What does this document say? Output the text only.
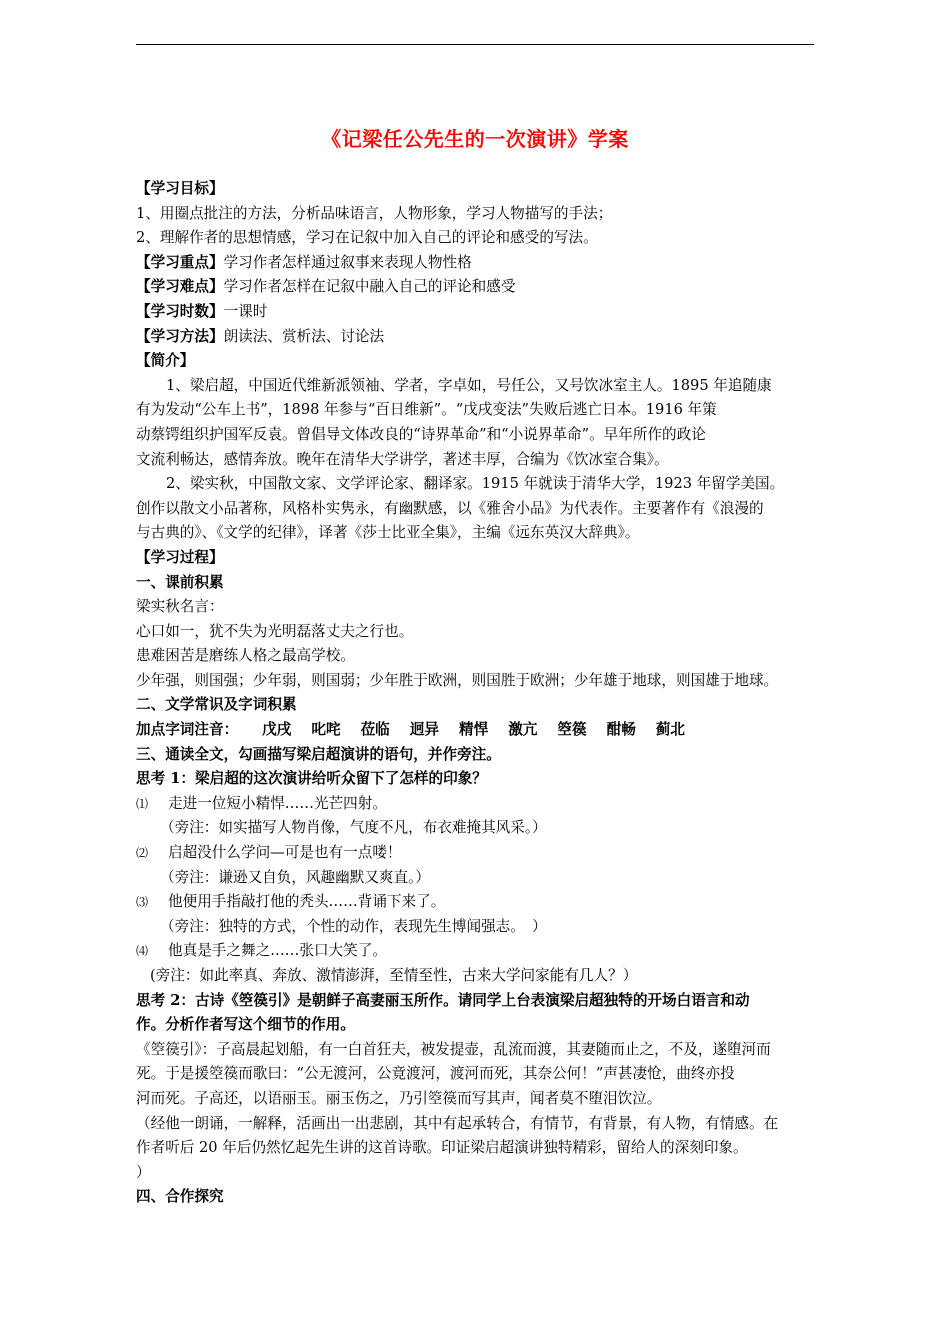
《记梁任公先生的一次演讲》学案

【学习目标】

1、用圈点批注的方法，分析品味语言，人物形象，学习人物描写的手法；

2、理解作者的思想情感，学习在记叙中加入自己的评论和感受的写法。

【学习重点】学习作者怎样通过叙事来表现人物性格

【学习难点】学习作者怎样在记叙中融入自己的评论和感受

【学习时数】一课时

【学习方法】朗读法、赏析法、讨论法

【简介】

1、梁启超，中国近代维新派领袖、学者，字卓如，号任公，又号饮冰室主人。1895 年追随康

有为发动“公车上书”，1898 年参与“百日维新”。“戊戌变法”失败后逃亡日本。1916 年策

动蔡锷组织护国军反袁。曾倡导文体改良的“诗界革命”和“小说界革命”。早年所作的政论

文流利畅达，感情奔放。晚年在清华大学讲学，著述丰厚，合编为《饮冰室合集》。

2、梁实秋，中国散文家、文学评论家、翻译家。1915 年就读于清华大学，1923 年留学美国。

创作以散文小品著称，风格朴实隽永，有幽默感，以《雅舍小品》为代表作。主要著作有《浪漫的

与古典的》、《文学的纪律》，译著《莎士比亚全集》，主编《远东英汉大辞典》。

【学习过程】

一、课前积累

梁实秋名言：

心口如一，犹不失为光明磊落丈夫之行也。

患难困苦是磨练人格之最高学校。

少年强，则国强；少年弱，则国弱；少年胜于欧洲，则国胜于欧洲；少年雄于地球，则国雄于地球。

二、文学常识及字词积累

加点字词注音： 戊戌 叱咤 莅临 迥异 精悍 激亢 箜篌 酣畅 蓟北

三、通读全文，勾画描写梁启超演讲的语句，并作旁注。

思考 1：梁启超的这次演讲给听众留下了怎样的印象？

⑴ 走进一位短小精悍……光芒四射。

（旁注：如实描写人物肖像，气度不凡，布衣难掩其风采。）

⑵ 启超没什么学问—可是也有一点喽！

（旁注：谦逊又自负，风趣幽默又爽直。）

⑶ 他便用手指敲打他的秃头……背诵下来了。

（旁注：独特的方式，个性的动作，表现先生博闻强志。　）

⑷ 他真是手之舞之……张口大笑了。

(旁注：如此率真、奔放、激情澎湃，至情至性，古来大学问家能有几人？）

思考 2：古诗《箜篌引》是朝鲜子高妻丽玉所作。请同学上台表演梁启超独特的开场白语言和动

作。分析作者写这个细节的作用。

《箜篌引》：子高晨起划船，有一白首狂夫，被发提壶，乱流而渡，其妻随而止之，不及，遂堕河而

死。于是援箜篌而歌曰：“公无渡河，公竟渡河，渡河而死，其奈公何！”声甚凄怆，曲终亦投

河而死。子高还，以语丽玉。丽玉伤之，乃引箜篌而写其声，闻者莫不堕泪饮泣。

（经他一朗诵，一解释，活画出一出悲剧，其中有起承转合，有情节，有背景，有人物，有情感。在

作者听后 20 年后仍然忆起先生讲的这首诗歌。印证梁启超演讲独特精彩，留给人的深刻印象。

）

四、合作探究
